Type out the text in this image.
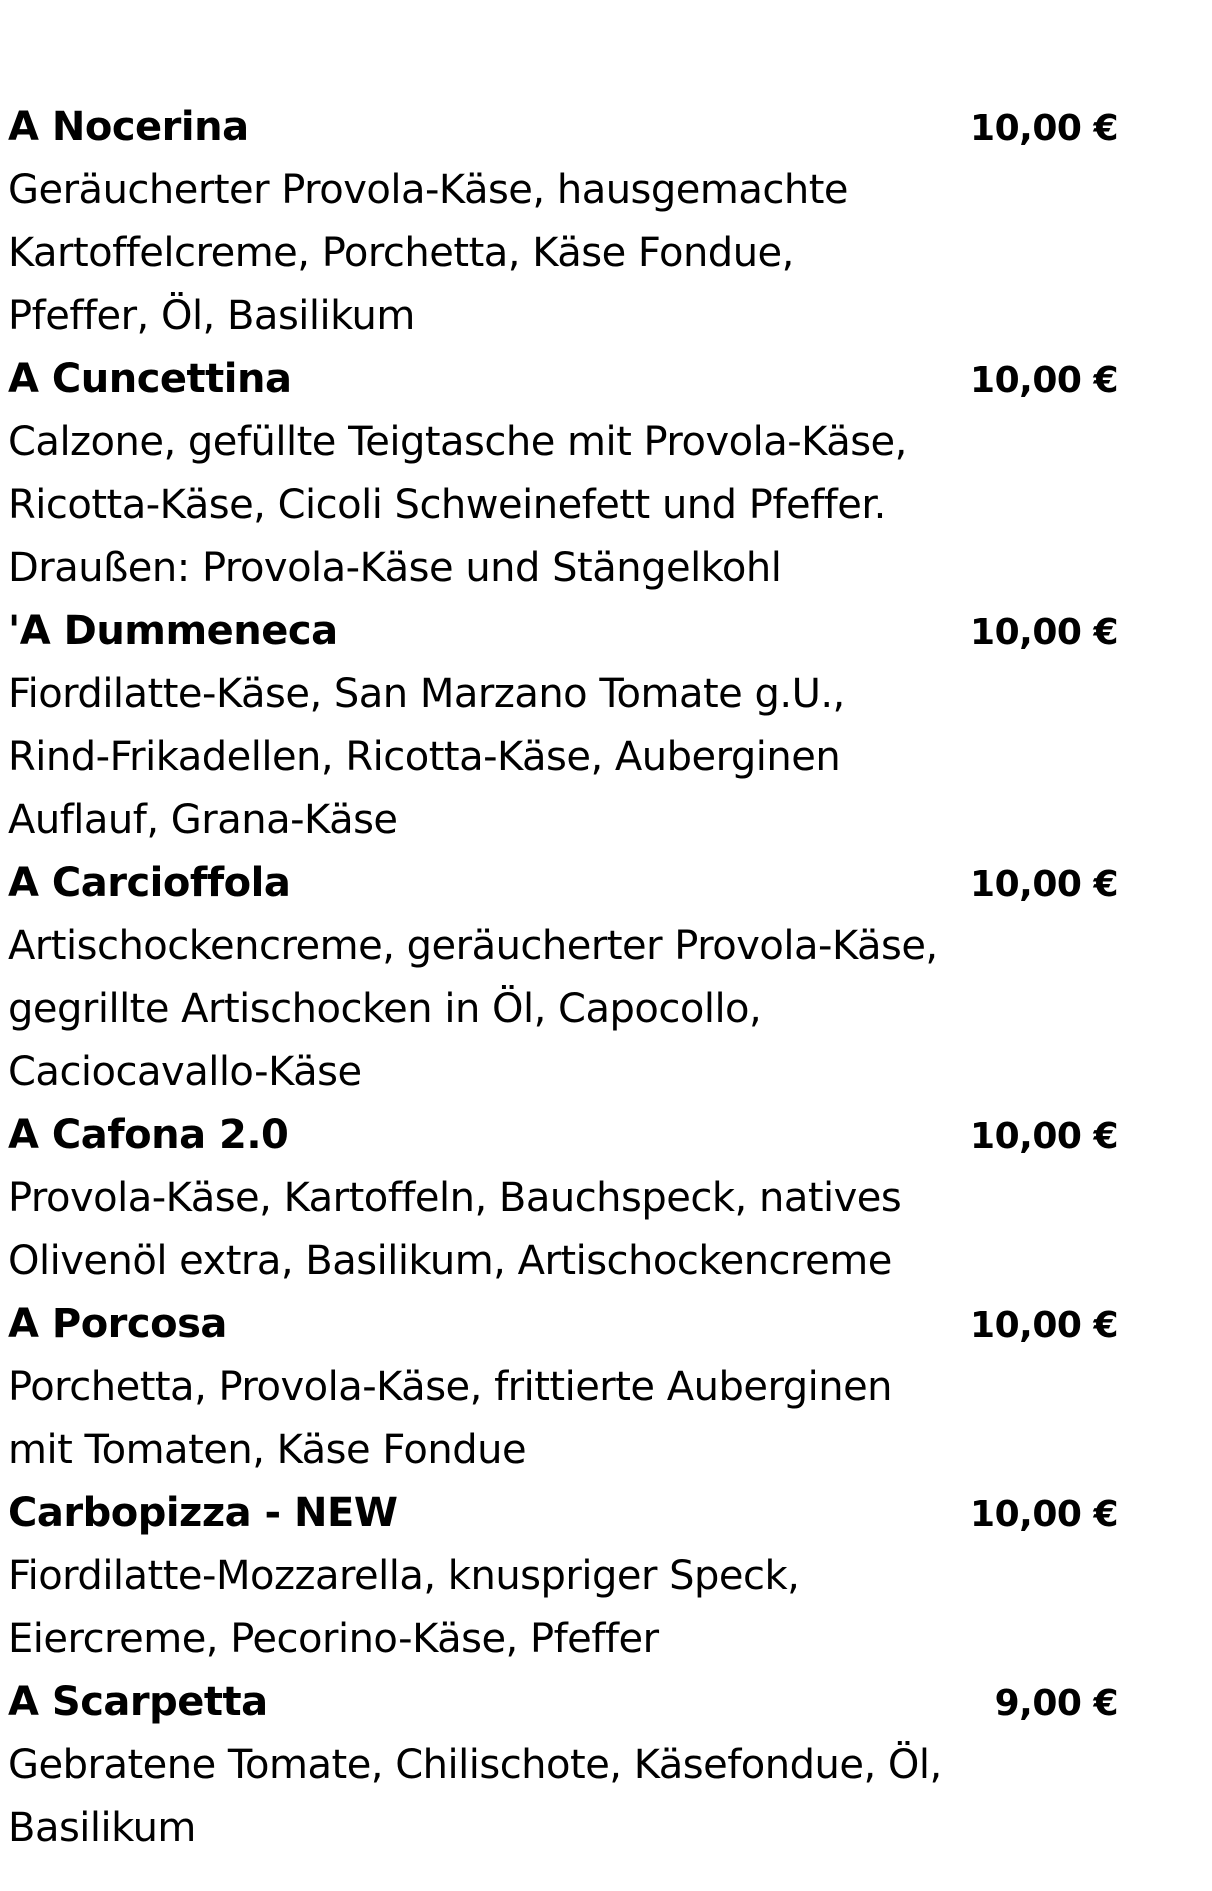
A Nocerina	10,00 €
Geräucherter Provola-Käse, hausgemachte
Kartoffelcreme, Porchetta, Käse Fondue,
Pfeffer, Öl, Basilikum
A Cuncettina	10,00 €
Calzone, gefüllte Teigtasche mit Provola-Käse,
Ricotta-Käse, Cicoli Schweinefett und Pfeffer.
Draußen: Provola-Käse und Stängelkohl
'A Dummeneca	10,00 €
Fiordilatte-Käse, San Marzano Tomate g.U.,
Rind-Frikadellen, Ricotta-Käse, Auberginen
Auflauf, Grana-Käse
A Carcioffola	10,00 €
Artischockencreme, geräucherter Provola-Käse,
gegrillte Artischocken in Öl, Capocollo,
Caciocavallo-Käse
A Cafona 2.0	10,00 €
Provola-Käse, Kartoffeln, Bauchspeck, natives
Olivenöl extra, Basilikum, Artischockencreme
A Porcosa	10,00 €
Porchetta, Provola-Käse, frittierte Auberginen
mit Tomaten, Käse Fondue
Carbopizza - NEW	10,00 €
Fiordilatte-Mozzarella, knuspriger Speck,
Eiercreme, Pecorino-Käse, Pfeffer
A Scarpetta	9,00 €
Gebratene Tomate, Chilischote, Käsefondue, Öl,
Basilikum
